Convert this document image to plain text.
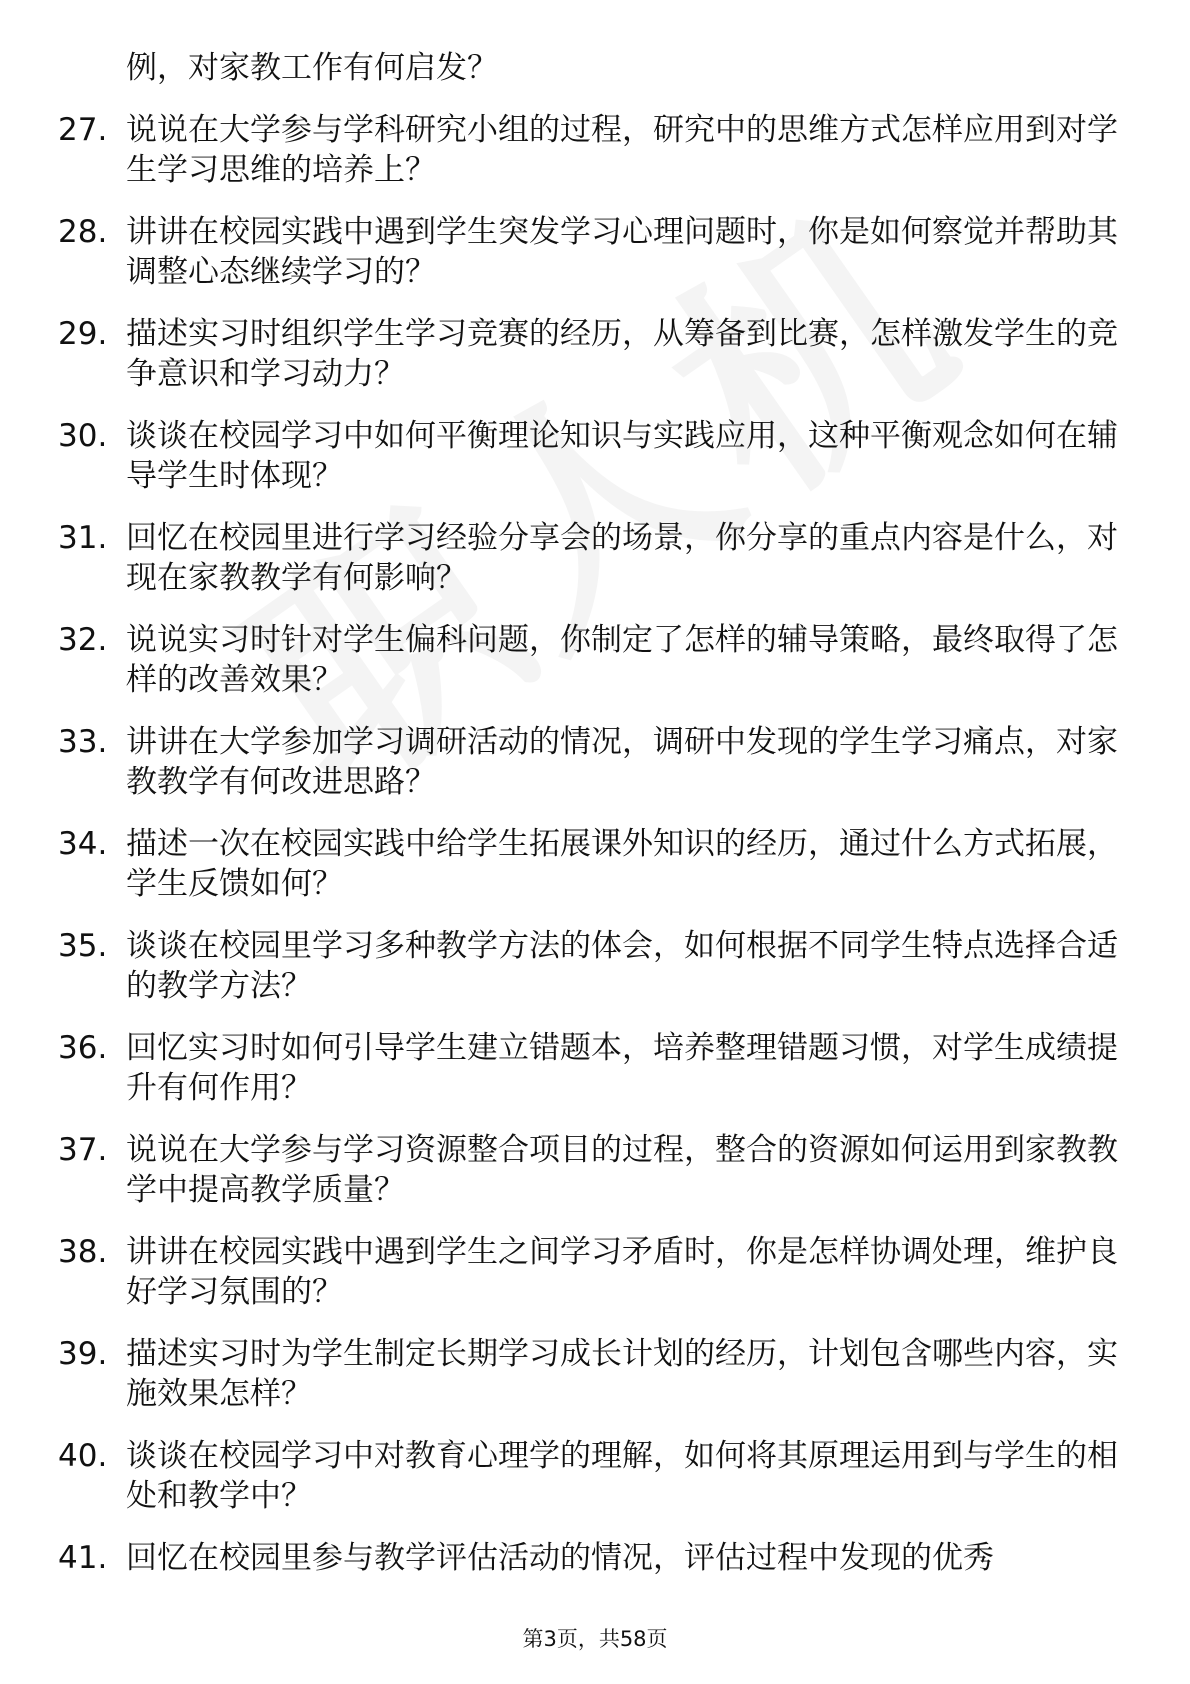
例，对家教工作有何启发？
27. 说说在大学参与学科研究小组的过程，研究中的思维方式怎样应用到对学生学习思维的培养上？
28. 讲讲在校园实践中遇到学生突发学习心理问题时，你是如何察觉并帮助其调整心态继续学习的？
29. 描述实习时组织学生学习竞赛的经历，从筹备到比赛，怎样激发学生的竞争意识和学习动力？
30. 谈谈在校园学习中如何平衡理论知识与实践应用，这种平衡观念如何在辅导学生时体现？
31. 回忆在校园里进行学习经验分享会的场景，你分享的重点内容是什么，对现在家教教学有何影响？
32. 说说实习时针对学生偏科问题，你制定了怎样的辅导策略，最终取得了怎样的改善效果？
33. 讲讲在大学参加学习调研活动的情况，调研中发现的学生学习痛点，对家教教学有何改进思路？
34. 描述一次在校园实践中给学生拓展课外知识的经历，通过什么方式拓展，学生反馈如何？
35. 谈谈在校园里学习多种教学方法的体会，如何根据不同学生特点选择合适的教学方法？
36. 回忆实习时如何引导学生建立错题本，培养整理错题习惯，对学生成绩提升有何作用？
37. 说说在大学参与学习资源整合项目的过程，整合的资源如何运用到家教教学中提高教学质量？
38. 讲讲在校园实践中遇到学生之间学习矛盾时，你是怎样协调处理，维护良好学习氛围的？
39. 描述实习时为学生制定长期学习成长计划的经历，计划包含哪些内容，实施效果怎样？
40. 谈谈在校园学习中对教育心理学的理解，如何将其原理运用到与学生的相处和教学中？
41. 回忆在校园里参与教学评估活动的情况，评估过程中发现的优秀
第3页，共58页
